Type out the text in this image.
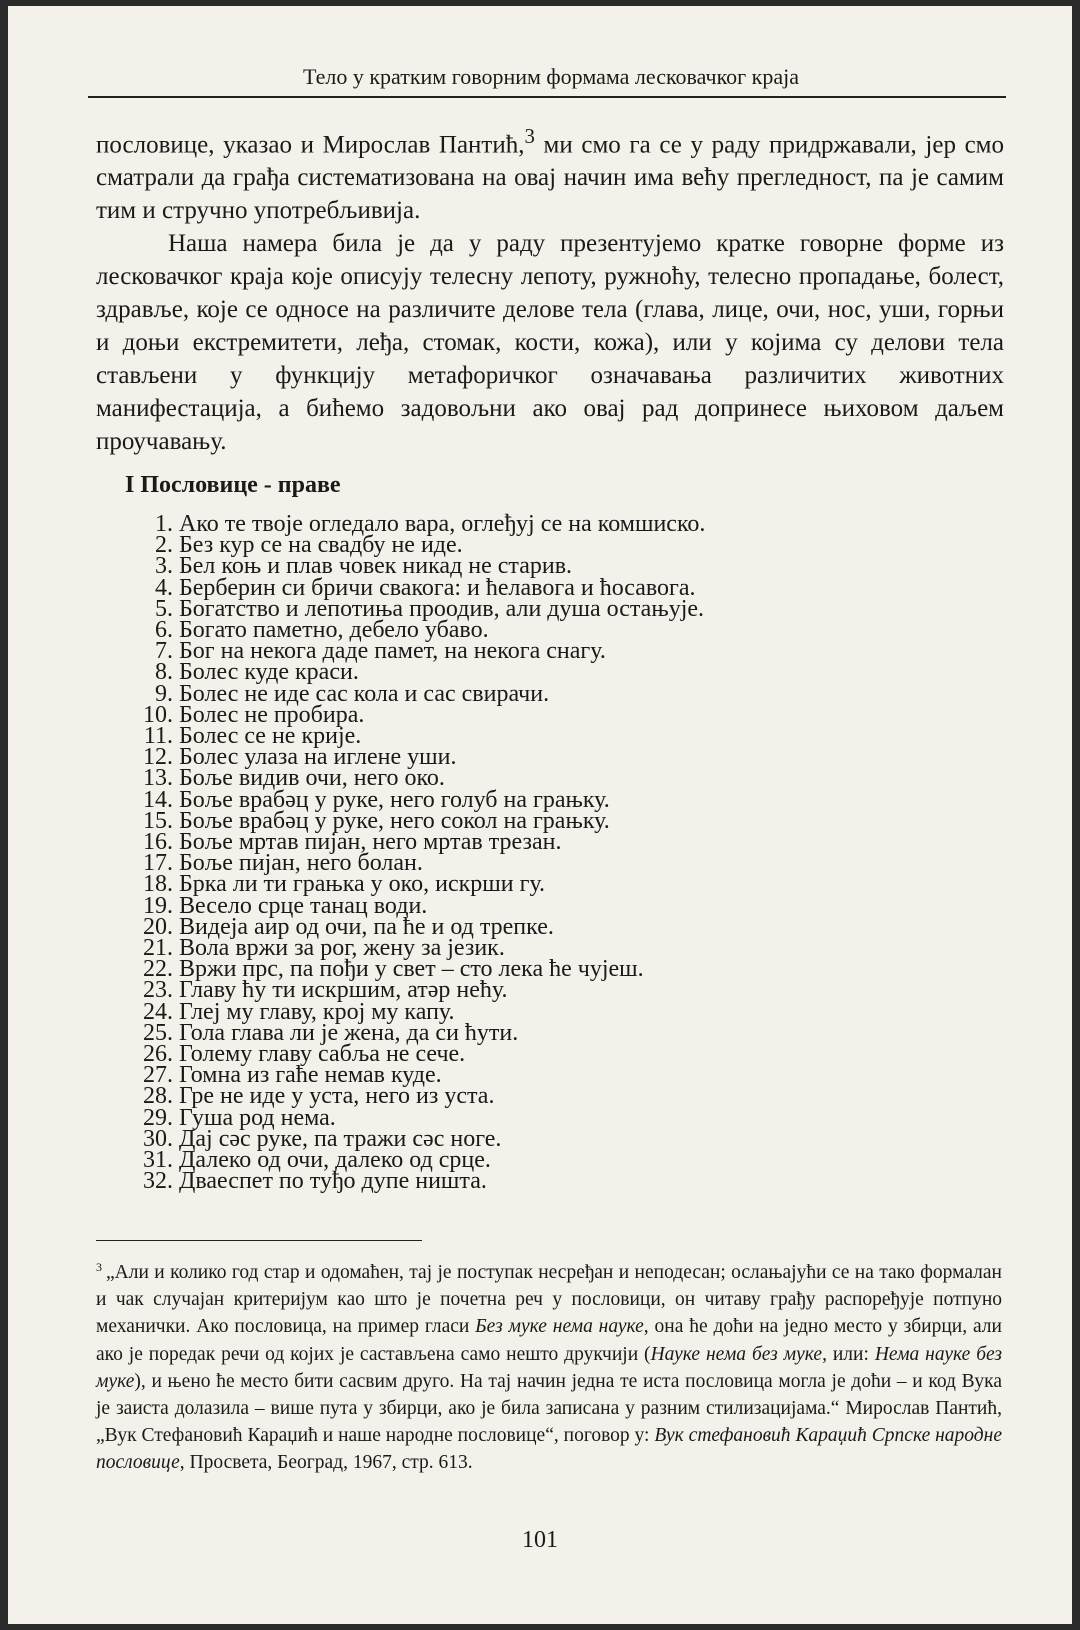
Тело у кратким говорним формама лесковачког краја

пословице, указао и Мирослав Пантић,$^3$ ми смо га се у раду придржавали, јер смо сматрали да грађа систематизована на овај начин има већу прегледност, па је самим тим и стручно употребљивија.

Наша намера била је да у раду презентујемо кратке говорне форме из лесковачког краја које описују телесну лепоту, ружноћу, телесно пропадање, болест, здравље, које се односе на различите делове тела (глава, лице, очи, нос, уши, горњи и доњи екстремитети, леђа, стомак, кости, кожа), или у којима су делови тела стављени у функцију метафоричког означавања различитих животних манифестација, а бићемо задовољни ако овај рад допринесе њиховом даљем проучавању.

I Пословице - праве
1. Ако те твоје огледало вара, оглеђуј се на комшиско.
2. Без кур се на свадбу не иде.
3. Бел коњ и плав човек никад не старив.
4. Берберин си бричи свакога: и ћелавога и ћосавога.
5. Богатство и лепотиња проодив, али душа остањује.
6. Богато паметно, дебело убаво.
7. Бог на некога даде памет, на некога снагу.
8. Болес куде краси.
9. Болес не иде сас кола и сас свирачи.
10. Болес не пробира.
11. Болес се не крије.
12. Болес улаза на иглене уши.
13. Боље видив очи, него око.
14. Боље врабәц у руке, него голуб на грањку.
15. Боље врабәц у руке, него сокол на грањку.
16. Боље мртав пијан, него мртав трезан.
17. Боље пијан, него болан.
18. Брка ли ти грањка у око, искрши гу.
19. Весело срце танац води.
20. Видеја аир од очи, па ће и од трепке.
21. Вола вржи за рог, жену за језик.
22. Вржи прс, па пођи у свет – сто лека ће чујеш.
23. Главу ћу ти искршим, атәр нећу.
24. Глеј му главу, крој му капу.
25. Гола глава ли је жена, да си ћути.
26. Голему главу сабља не сече.
27. Гомна из гаће немав куде.
28. Гре не иде у уста, него из уста.
29. Гуша род нема.
30. Дај сәс руке, па тражи сәс ноге.
31. Далеко од очи, далеко од срце.
32. Дваеспет по туђо дупе ништа.
$^3$ „Али и колико год стар и одомаћен, тај је поступак несређан и неподесан; ослањајући се на тако формалан и чак случајан критеријум као што је почетна реч у пословици, он читаву грађу распоређује потпуно механички. Ако пословица, на пример гласи Без муке нема науке, она ће доћи на једно место у збирци, али ако је поредак речи од којих је састављена само нешто друкчији (Науке нема без муке, или: Нема науке без муке), и њено ће место бити сасвим друго. На тај начин једна те иста пословица могла је доћи – и код Вука је заиста долазила – више пута у збирци, ако је била записана у разним стилизацијама.“ Мирослав Пантић, „Вук Стефановић Караџић и наше народне пословице“, поговор у: Вук стефановић Караџић Српске народне пословице, Просвета, Београд, 1967, стр. 613.
101
